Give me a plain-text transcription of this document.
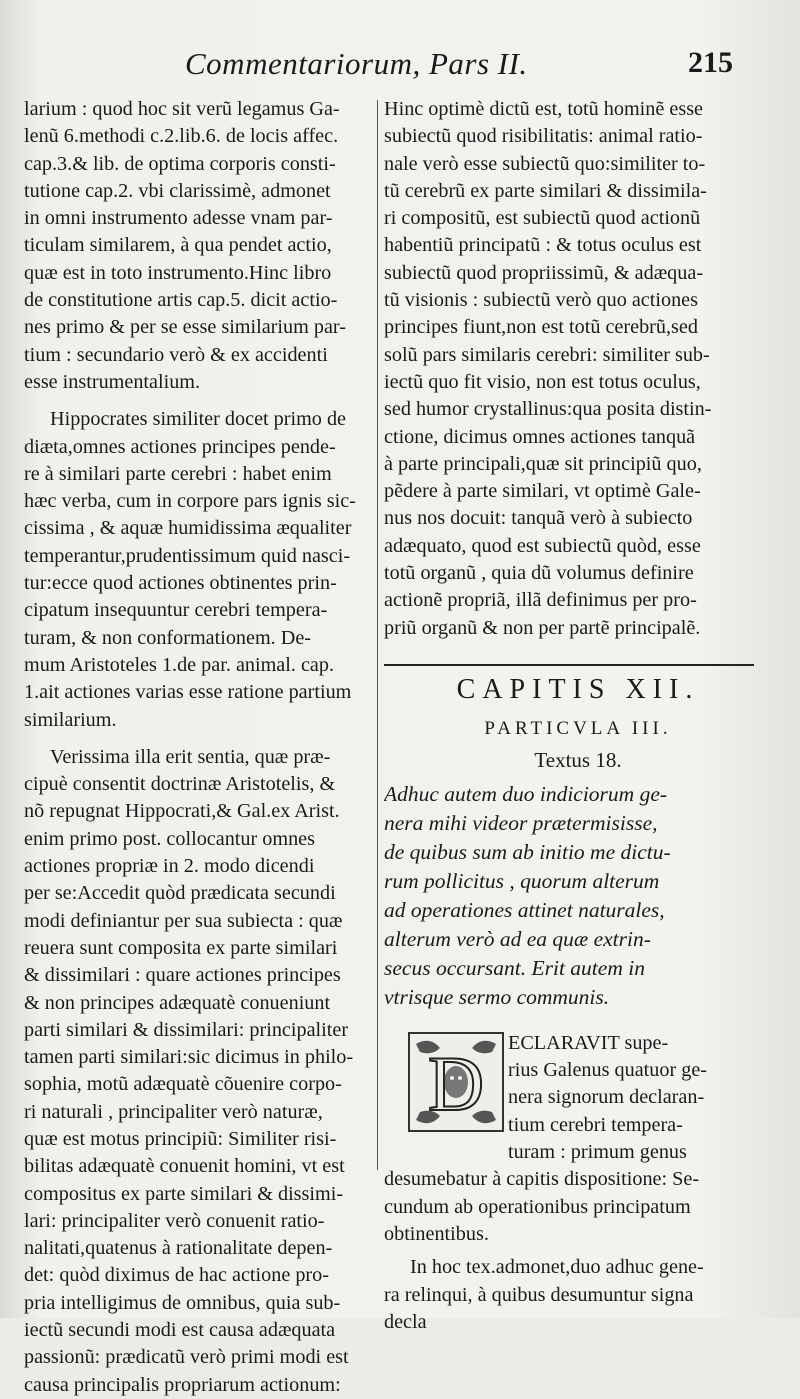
Commentariorum, Pars II.	215
larium : quod hoc sit verũ legamus Ga-
lenũ 6.methodi c.2.lib.6. de locis affec.
cap.3.& lib. de optima corporis consti-
tutione cap.2. vbi clarissimè, admonet
in omni instrumento adesse vnam par-
ticulam similarem, à qua pendet actio,
quæ est in toto instrumento.Hinc libro
de constitutione artis cap.5. dicit actio-
nes primo & per se esse similarium par-
tium : secundario verò & ex accidenti
esse instrumentalium.
Hippocrates similiter docet primo de
diæta,omnes actiones principes pende-
re à similari parte cerebri : habet enim
hæc verba, cum in corpore pars ignis sic-
cissima , & aquæ humidissima æqualiter
temperantur,prudentissimum quid nasci-
tur:ecce quod actiones obtinentes prin-
cipatum insequuntur cerebri tempera-
turam, & non conformationem. De-
mum Aristoteles 1.de par. animal. cap.
1.ait actiones varias esse ratione partium
similarium.
Verissima illa erit sentia, quæ præ-
cipuè consentit doctrinæ Aristotelis, &
nõ repugnat Hippocrati,& Gal.ex Arist.
enim primo post. collocantur omnes
actiones propriæ in 2. modo dicendi
per se:Accedit quòd prædicata secundi
modi definiantur per sua subiecta : quæ
reuera sunt composita ex parte similari
& dissimilari : quare actiones principes
& non principes adæquatè conueniunt
parti similari & dissimilari: principaliter
tamen parti similari:sic dicimus in philo-
sophia, motũ adæquatè cõuenire corpo-
ri naturali , principaliter verò naturæ,
quæ est motus principiũ: Similiter risi-
bilitas adæquatè conuenit homini, vt est
compositus ex parte similari & dissimi-
lari: principaliter verò conuenit ratio-
nalitati,quatenus à rationalitate depen-
det: quòd diximus de hac actione pro-
pria intelligimus de omnibus, quia sub-
iectũ secundi modi est causa adæquata
passionũ: prædicatũ verò primi modi est
causa principalis propriarum actionum:
Hinc optimè dictũ est, totũ hominẽ esse
subiectũ quod risibilitatis: animal ratio-
nale verò esse subiectũ quo:similiter to-
tũ cerebrũ ex parte similari & dissimila-
ri compositũ, est subiectũ quod actionũ
habentiũ principatũ : & totus oculus est
subiectũ quod propriissimũ, & adæqua-
tũ visionis : subiectũ verò quo actiones
principes fiunt,non est totũ cerebrũ,sed
solũ pars similaris cerebri: similiter sub-
iectũ quo fit visio, non est totus oculus,
sed humor crystallinus:qua posita distin-
ctione, dicimus omnes actiones tanquã
à parte principali,quæ sit principiũ quo,
pẽdere à parte similari, vt optimè Gale-
nus nos docuit: tanquã verò à subiecto
adæquato, quod est subiectũ quòd, esse
totũ organũ , quia dũ volumus definire
actionẽ propriã, illã definimus per pro-
priũ organũ & non per partẽ principalẽ.
CAPITIS XII.
PARTICVLA III.
Textus 18.
Adhuc autem duo indiciorum ge-
nera mihi videor prætermisisse,
de quibus sum ab initio me dictu-
rum pollicitus , quorum alterum
ad operationes attinet naturales,
alterum verò ad ea quæ extrin-
secus occursant. Erit autem in
vtrisque sermo communis.
D	ECLARAVIT supe-
rius Galenus quatuor ge-
nera signorum declaran-
tium cerebri tempera-
turam : primum genus
desumebatur à capitis dispositione: Se-
cundum ab operationibus principatum
obtinentibus.
In hoc tex.admonet,duo adhuc gene-
ra relinqui, à quibus desumuntur signa
decla
